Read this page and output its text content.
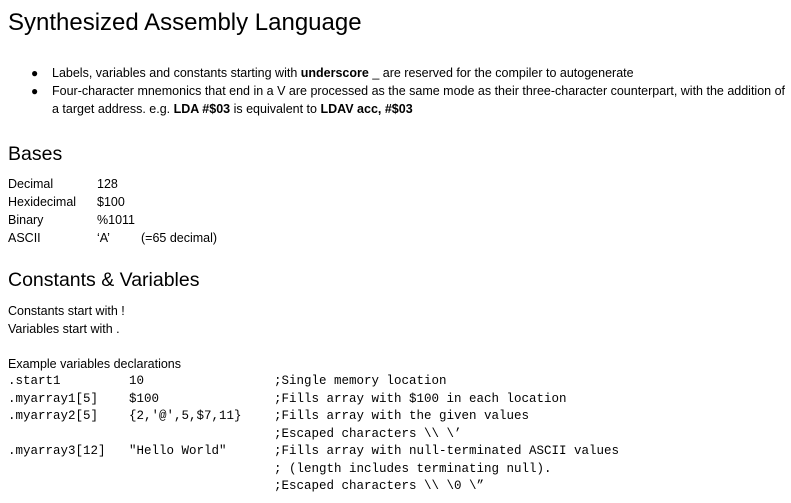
Synthesized Assembly Language
● Labels, variables and constants starting with underscore _ are reserved for the compiler to autogenerate
● Four-character mnemonics that end in a V are processed as the same mode as their three-character counterpart, with the addition of a target address. e.g. LDA #$03 is equivalent to LDAV acc, #$03
Bases
Decimal	128
Hexidecimal $100
Binary	%1011
ASCII	‘A’ (=65 decimal)
Constants & Variables
Constants start with !
Variables start with .
Example variables declarations
.start1	10	;Single memory location
.myarray1[5] $100	;Fills array with $100 in each location
.myarray2[5] {2,'@',5,$7,11}	;Fills array with the given values
;Escaped characters \\ \’
.myarray3[12] "Hello World"	;Fills array with null-terminated ASCII values
; (length includes terminating null).
;Escaped characters \\ \0 \”
